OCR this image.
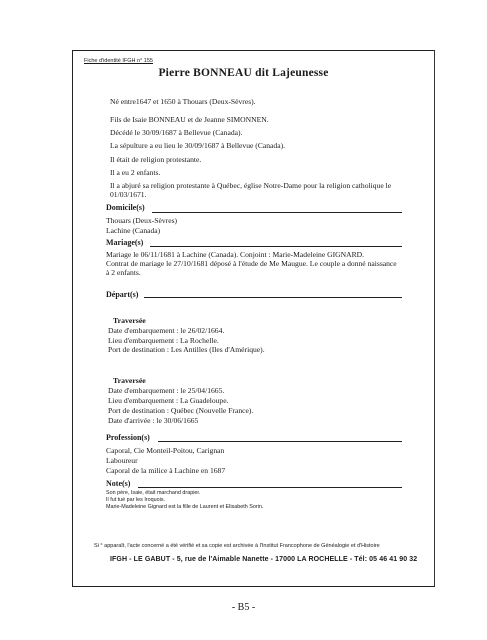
Fiche d'identité IFGH n° 155
Pierre BONNEAU dit Lajeunesse
Né entre1647 et 1650 à Thouars (Deux-Sèvres).
Fils de Isaie BONNEAU et de Jeanne SIMONNEN.
Décédé le 30/09/1687 à Bellevue (Canada).
La sépulture a eu lieu le 30/09/1687 à Bellevue (Canada).
Il était de religion protestante.
Il a eu 2 enfants.
Il a abjuré sa religion protestante à Québec, église Notre-Dame pour la religion catholique le
01/03/1671.
Domicile(s)
Thouars (Deux-Sèvres)
Lachine (Canada)
Mariage(s)
Mariage le 06/11/1681 à Lachine (Canada). Conjoint : Marie-Madeleine GIGNARD.
Contrat de mariage le 27/10/1681 déposé à l'étude de Me Maugue. Le couple a donné naissance
à 2 enfants.
Départ(s)
Traversée
Date d'embarquement : le 26/02/1664.
Lieu d'embarquement : La Rochelle.
Port de destination : Les Antilles (Iles d'Amérique).
Traversée
Date d'embarquement : le 25/04/1665.
Lieu d'embarquement : La Guadeloupe.
Port de destination : Québec (Nouvelle France).
Date d'arrivée : le 30/06/1665
Profession(s)
Caporal, Cie Monteil-Poitou, Carignan
Laboureur
Caporal de la milice à Lachine en 1687
Note(s)
Son père, Isaie, était marchand drapier.
Il fut tué par les Iroquois.
Marie-Madeleine Gignard est la fille de Laurent et Elisabeth Sorin.
Si ° apparaît, l'acte concerné a été vérifié et sa copie est archivée à l'Institut Francophone de Généalogie et d'Histoire
IFGH - LE GABUT - 5, rue de l'Aimable Nanette - 17000 LA ROCHELLE - Tél: 05 46 41 90 32
- B5 -
